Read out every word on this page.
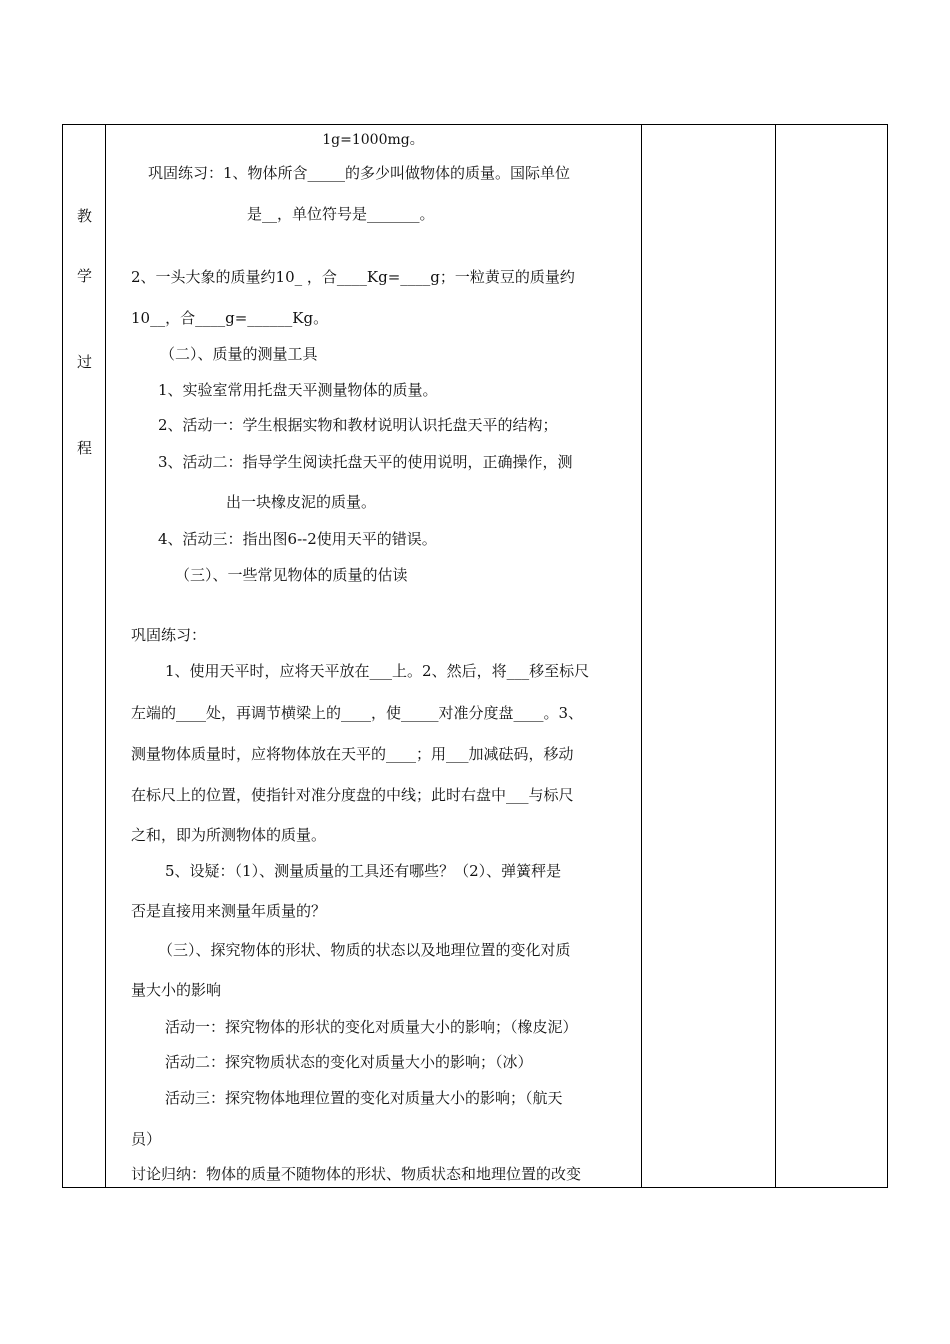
教
学
过
程
1g=1000mg。
巩固练习：1、物体所含_____的多少叫做物体的质量。国际单位
是__，单位符号是_______。
2、一头大象的质量约10_ ，合____Kg=____g；一粒黄豆的质量约
10__，合____g=______Kg。
（二）、质量的测量工具
1、实验室常用托盘天平测量物体的质量。
2、活动一：学生根据实物和教材说明认识托盘天平的结构；
3、活动二：指导学生阅读托盘天平的使用说明，正确操作，测
出一块橡皮泥的质量。
4、活动三：指出图6--2使用天平的错误。
（三）、一些常见物体的质量的估读
巩固练习：
1、使用天平时，应将天平放在___上。2、然后，将___移至标尺
左端的____处，再调节横梁上的____，使_____对准分度盘____。3、
测量物体质量时，应将物体放在天平的____；用___加减砝码，移动
在标尺上的位置，使指针对准分度盘的中线；此时右盘中___与标尺
之和，即为所测物体的质量。
5、设疑：（1）、测量质量的工具还有哪些？（2）、弹簧秤是
否是直接用来测量年质量的？
（三）、探究物体的形状、物质的状态以及地理位置的变化对质
量大小的影响
活动一：探究物体的形状的变化对质量大小的影响；（橡皮泥）
活动二：探究物质状态的变化对质量大小的影响；（冰）
活动三：探究物体地理位置的变化对质量大小的影响；（航天
员）
讨论归纳：物体的质量不随物体的形状、物质状态和地理位置的改变
